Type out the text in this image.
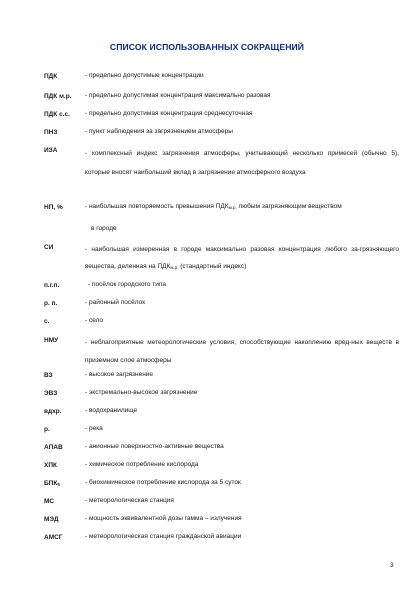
СПИСОК ИСПОЛЬЗОВАННЫХ СОКРАЩЕНИЙ
ПДК	- предельно допустимые концентрации
ПДК м.р. - предельно допустимая концентрация максимально разовая
ПДК с.с. - предельно допустимая концентрация среднесуточная
ПНЗ	- пункт наблюдения за загрязнением атмосферы
ИЗА	- комплексный индекс загрязнения атмосферы, учитывающий несколько примесей (обычно 5), которые вносят наибольший вклад в загрязнение атмосферного воздуха
НП, %	- наибольшая повторяемость превышения $ПДК_{м.р.}$ любым загрязняющим веществом
в городе
СИ	- наибольшая измеренная в городе максимально разовая концентрация любого за-грязняющего вещества, деленная на $ПДК_{м.р.}$ (стандартный индекс)
п.г.п.	- посёлок городского типа
р. п.	- районный посёлок
с.	- село
НМУ	- неблагоприятные метеорологические условия, способствующие накоплению вред-ных веществ в приземном слое атмосферы
ВЗ	- высокое загрязнение
ЭВЗ	- экстремально-высокое загрязнение
вдхр.	- водохранилище
р.	- река
АПАВ	- анионные поверхностно-активные вещества
ХПК	- химическое потребление кислорода
$БПК_5$	- биохимическое потребление кислорода за 5 суток
МС	- метеорологическая станция
МЭД	- мощность эквивалентной дозы гамма – излучения
АМСГ	- метеорологическая станция гражданской авиации
3
